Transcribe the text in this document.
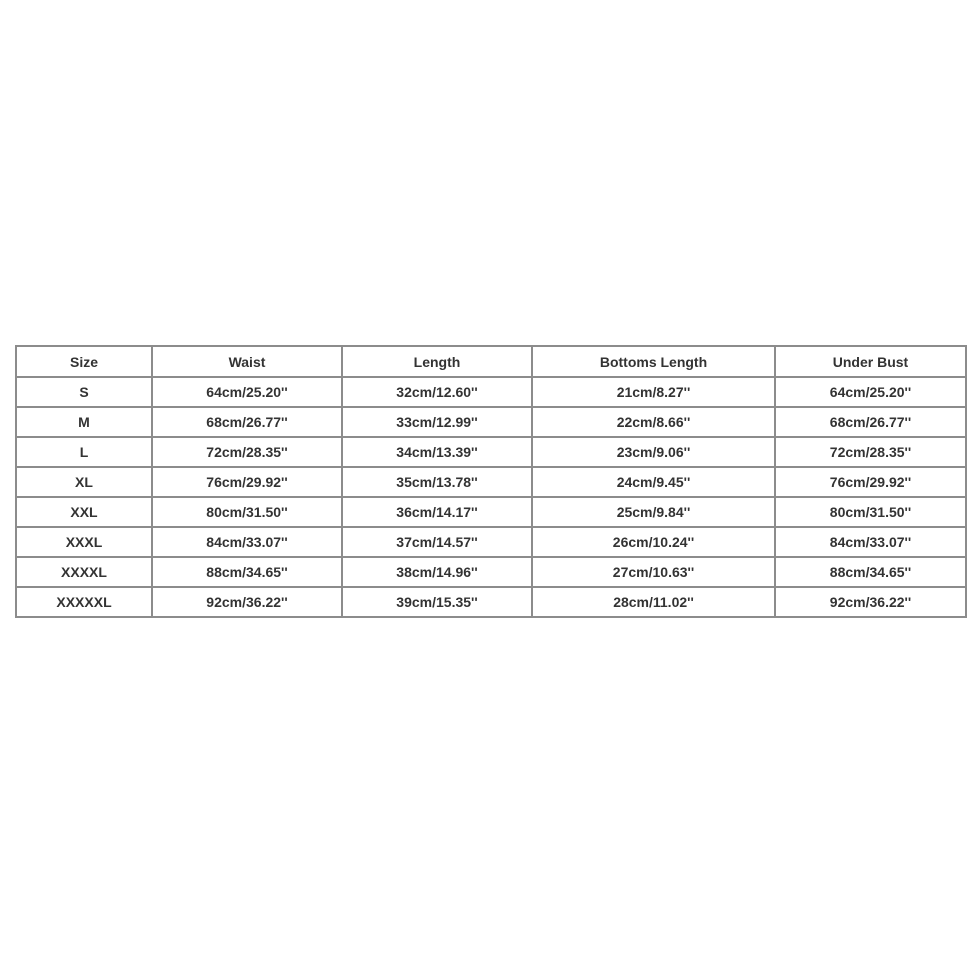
Size	Waist	Length	Bottoms Length	Under Bust
S	64cm/25.20''	32cm/12.60''	21cm/8.27''	64cm/25.20''
M	68cm/26.77''	33cm/12.99''	22cm/8.66''	68cm/26.77''
L	72cm/28.35''	34cm/13.39''	23cm/9.06''	72cm/28.35''
XL	76cm/29.92''	35cm/13.78''	24cm/9.45''	76cm/29.92''
XXL	80cm/31.50''	36cm/14.17''	25cm/9.84''	80cm/31.50''
XXXL	84cm/33.07''	37cm/14.57''	26cm/10.24''	84cm/33.07''
XXXXL	88cm/34.65''	38cm/14.96''	27cm/10.63''	88cm/34.65''
XXXXXL	92cm/36.22''	39cm/15.35''	28cm/11.02''	92cm/36.22''
